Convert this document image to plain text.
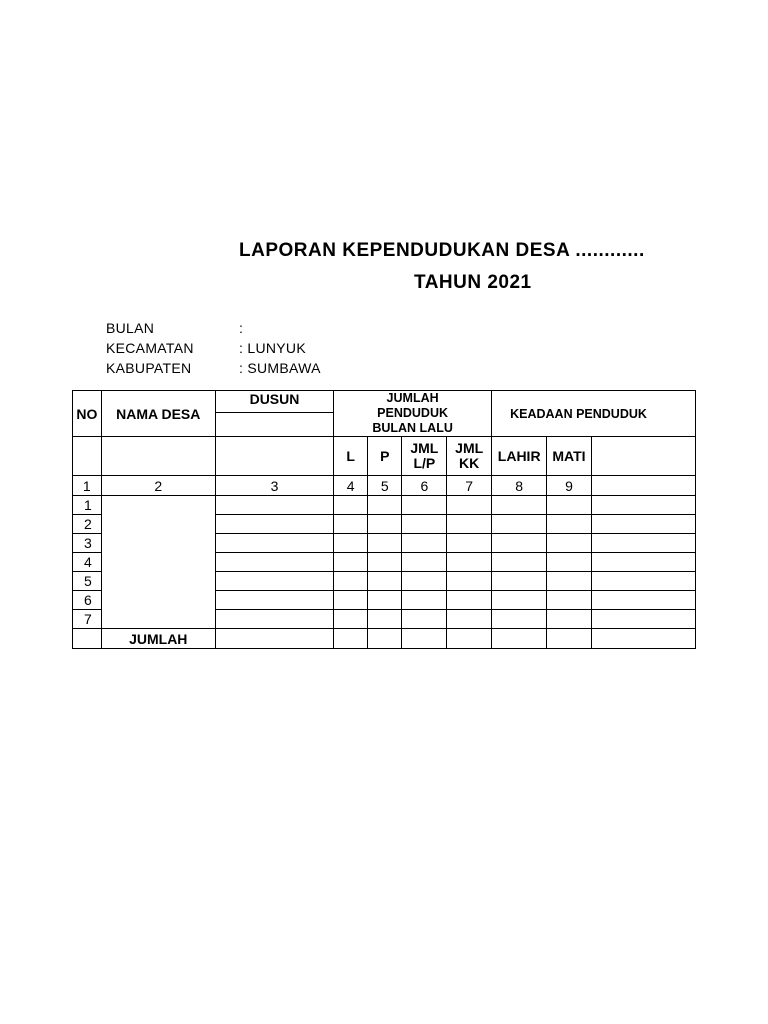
LAPORAN KEPENDUDUKAN DESA ............
TAHUN 2021
BULAN	:
KECAMATAN	: LUNYUK
KABUPATEN	: SUMBAWA
NO	NAMA DESA	DUSUN	JUMLAH PENDUDUK BULAN LALU				KEADAAN PENDUDUK		

			L	P	JML L/P	JML KK	LAHIR	MATI	
1	2	3	4	5	6	7	8	9	
1									
2									
3									
4									
5									
6									
7									
	JUMLAH								
